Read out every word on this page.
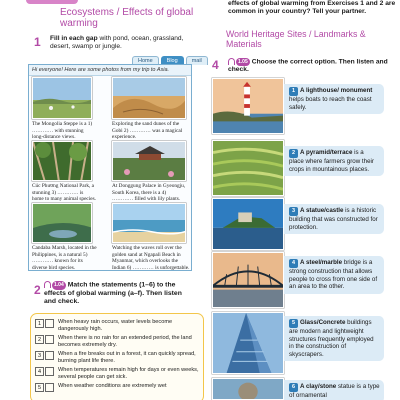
Ecosystems / Effects of global warming
1 Fill in each gap with pond, ocean, grassland, desert, swamp or jungle.
Home	Blog	mail
Hi everyone! Here are some photos from my trip to Asia.
The Mongolia Steppe is a 1) ………… with stunning long-distance views.
Exploring the sand dunes of the Gobi 2) ………… was a magical experience.
Cúc Phương National Park, a stunning 3) ………… is home to many animal species.
At Donggung Palace in Gyeongju, South Korea, there is a 4) ………… filled with lily plants.
Candaba Marsh, located in the Philippines, is a natural 5) ………… known for its diverse bird species.
Watching the waves roll over the golden sand at Ngapali Beach in Myanmar, which overlooks the Indian 6) ………… is unforgettable.
2	1.04 Match the statements (1–6) to the effects of global warming (a–f). Then listen and check.
1	When heavy rain occurs, water levels become dangerously high.
2	When there is no rain for an extended period, the land becomes extremely dry.
3	When a fire breaks out in a forest, it can quickly spread, burning plant life there.
4	When temperatures remain high for days or even weeks, several people can get sick.
5	When weather conditions are extremely wet
effects of global warming from Exercises 1 and 2 are common in your country? Tell your partner.
World Heritage Sites / Landmarks & Materials
4	1.05 Choose the correct option. Then listen and check.
1 A lighthouse/ monument helps boats to reach the coast safely.
2 A pyramid/terrace is a place where farmers grow their crops in mountainous places.
3 A statue/castle is a historic building that was constructed for protection.
4 A steel/marble bridge is a strong construction that allows people to cross from one side of an area to the other.
5 Glass/Concrete buildings are modern and lightweight structures frequently employed in the construction of skyscrapers.
6 A clay/stone statue is a type of ornamental
